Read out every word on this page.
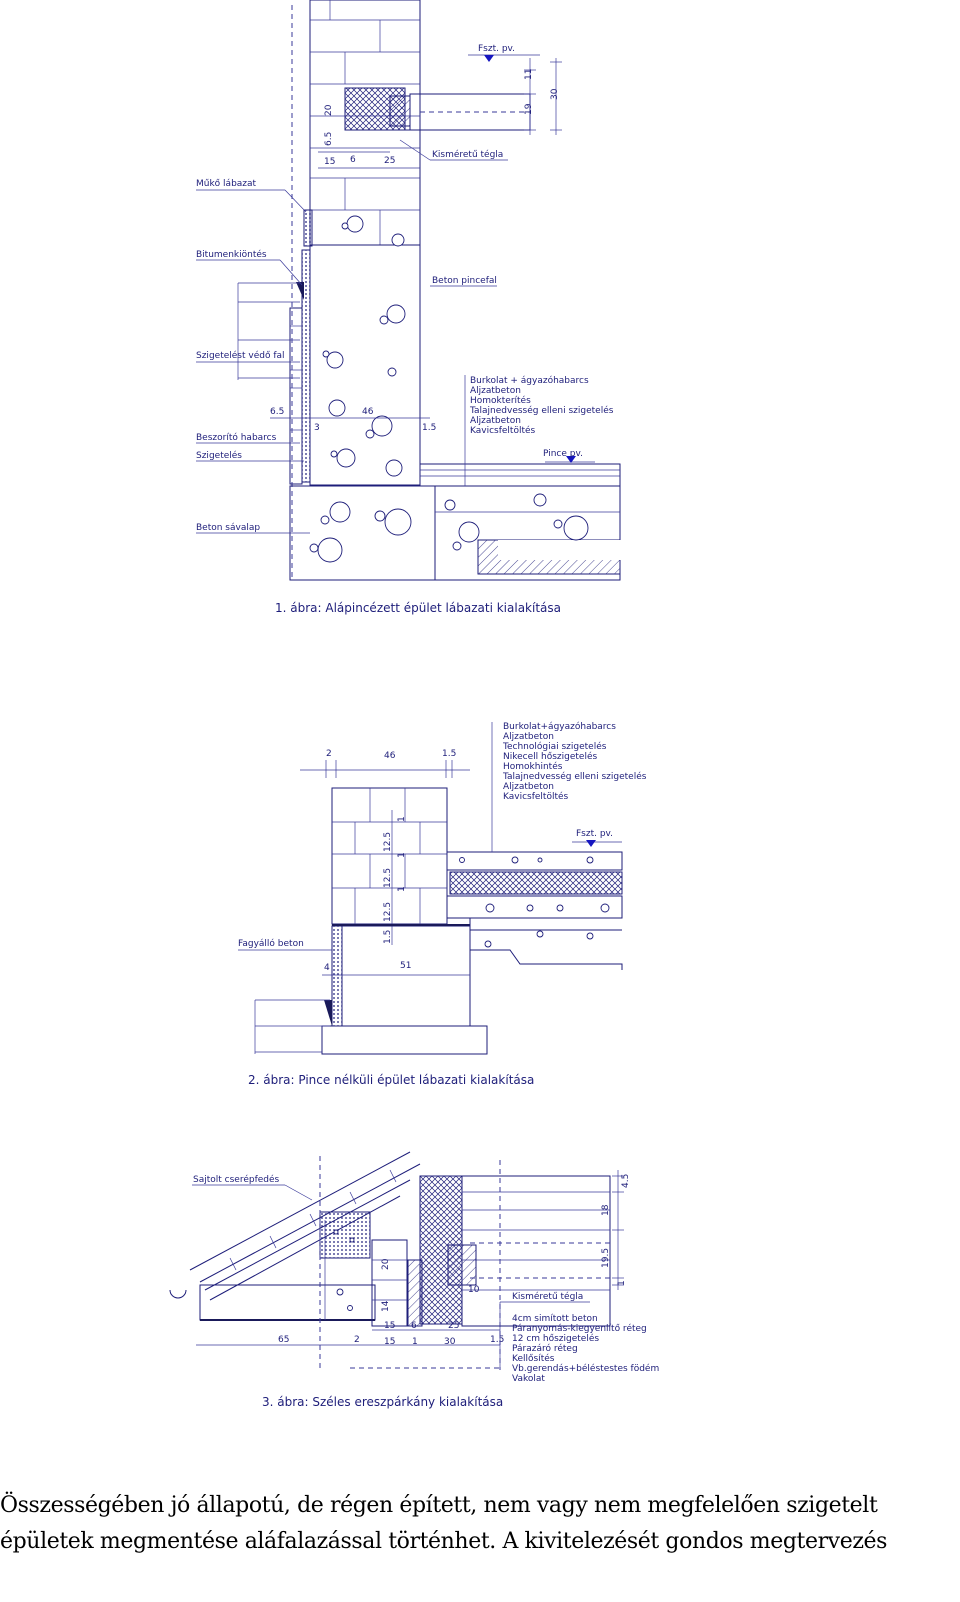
Fszt. pv.
Pince pv.
11
19
30
20
6.5
15 6	25
6.5
3
46
1.5
Műkő lábazat
Bitumenkiöntés
Kisméretű tégla
Beton pincefal
Szigetelést védő fal
Beszorító habarcs
Szigetelés
Beton sávalap
Burkolat + ágyazóhabarcs
Aljzatbeton
Homokterítés
Talajnedvesség elleni szigetelés
Aljzatbeton
Kavicsfeltöltés
1. ábra: Alápincézett épület lábazati kialakítása
2	46	1.5
12.5
12.5
12.5
1.5
1
1
1
Fagyálló beton
4	51
Fszt. pv.
Burkolat+ágyazóhabarcs
Aljzatbeton
Technológiai szigetelés
Nikecell hőszigetelés
Homokhintés
Talajnedvesség elleni szigetelés
Aljzatbeton
Kavicsfeltöltés
2. ábra: Pince nélküli épület lábazati kialakítása
4.5
18
19.5
1
20
14
10
65	2
15 6	25
15 1	30	1.5
Sajtolt cserépfedés
Kisméretű tégla
4cm simított beton
Páranyomás-kiegyenlítő réteg
12 cm hőszigetelés
Párazáró réteg
Kellősítés
Vb.gerendás+béléstestes födém
Vakolat
3. ábra: Széles ereszpárkány kialakítása

Összességében jó állapotú, de régen épített, nem vagy nem megfelelően szigetelt
épületek megmentése aláfalazással történhet. A kivitelezését gondos megtervezés
